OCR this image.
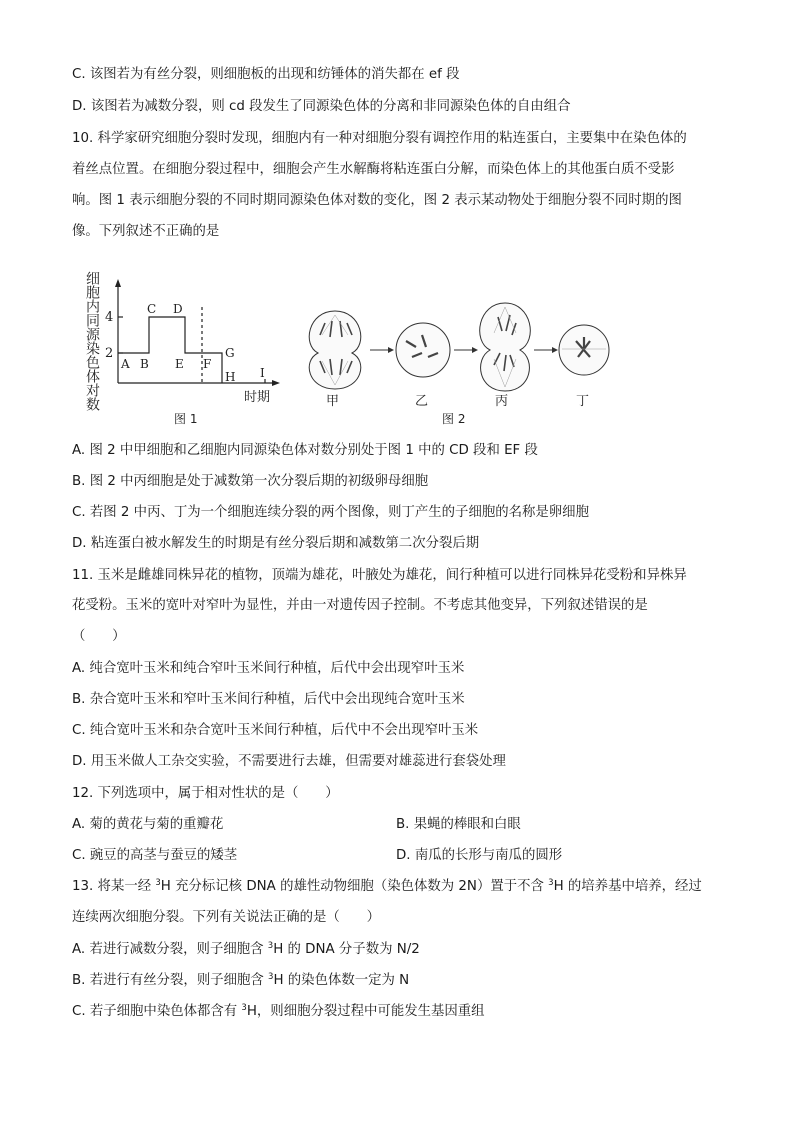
C. 该图若为有丝分裂，则细胞板的出现和纺锤体的消失都在 ef 段
D. 该图若为减数分裂，则 cd 段发生了同源染色体的分离和非同源染色体的自由组合
10. 科学家研究细胞分裂时发现，细胞内有一种对细胞分裂有调控作用的粘连蛋白，主要集中在染色体的
着丝点位置。在细胞分裂过程中，细胞会产生水解酶将粘连蛋白分解，而染色体上的其他蛋白质不受影
响。图 1 表示细胞分裂的不同时期同源染色体对数的变化，图 2 表示某动物处于细胞分裂不同时期的图
像。下列叙述不正确的是
细胞内同源染色体对数 4
2
A B
C D
E F
G
H I
时期
图 1
甲	乙	丙	丁
图 2
A. 图 2 中甲细胞和乙细胞内同源染色体对数分别处于图 1 中的 CD 段和 EF 段
B. 图 2 中丙细胞是处于减数第一次分裂后期的初级卵母细胞
C. 若图 2 中丙、丁为一个细胞连续分裂的两个图像，则丁产生的子细胞的名称是卵细胞
D. 粘连蛋白被水解发生的时期是有丝分裂后期和减数第二次分裂后期
11. 玉米是雌雄同株异花的植物，顶端为雄花，叶腋处为雄花，间行种植可以进行同株异花受粉和异株异
花受粉。玉米的宽叶对窄叶为显性，并由一对遗传因子控制。不考虑其他变异，下列叙述错误的是
（　　）
A. 纯合宽叶玉米和纯合窄叶玉米间行种植，后代中会出现窄叶玉米
B. 杂合宽叶玉米和窄叶玉米间行种植，后代中会出现纯合宽叶玉米
C. 纯合宽叶玉米和杂合宽叶玉米间行种植，后代中不会出现窄叶玉米
D. 用玉米做人工杂交实验，不需要进行去雄，但需要对雄蕊进行套袋处理
12. 下列选项中，属于相对性状的是（　　）
A. 菊的黄花与菊的重瓣花	B. 果蝇的棒眼和白眼
C. 豌豆的高茎与蚕豆的矮茎	D. 南瓜的长形与南瓜的圆形
13. 将某一经 $^3$H 充分标记核 DNA 的雄性动物细胞（染色体数为 2N）置于不含 $^3$H 的培养基中培养，经过
连续两次细胞分裂。下列有关说法正确的是（　　）
A. 若进行减数分裂，则子细胞含 $^3$H 的 DNA 分子数为 N/2
B. 若进行有丝分裂，则子细胞含 $^3$H 的染色体数一定为 N
C. 若子细胞中染色体都含有 $^3$H，则细胞分裂过程中可能发生基因重组
